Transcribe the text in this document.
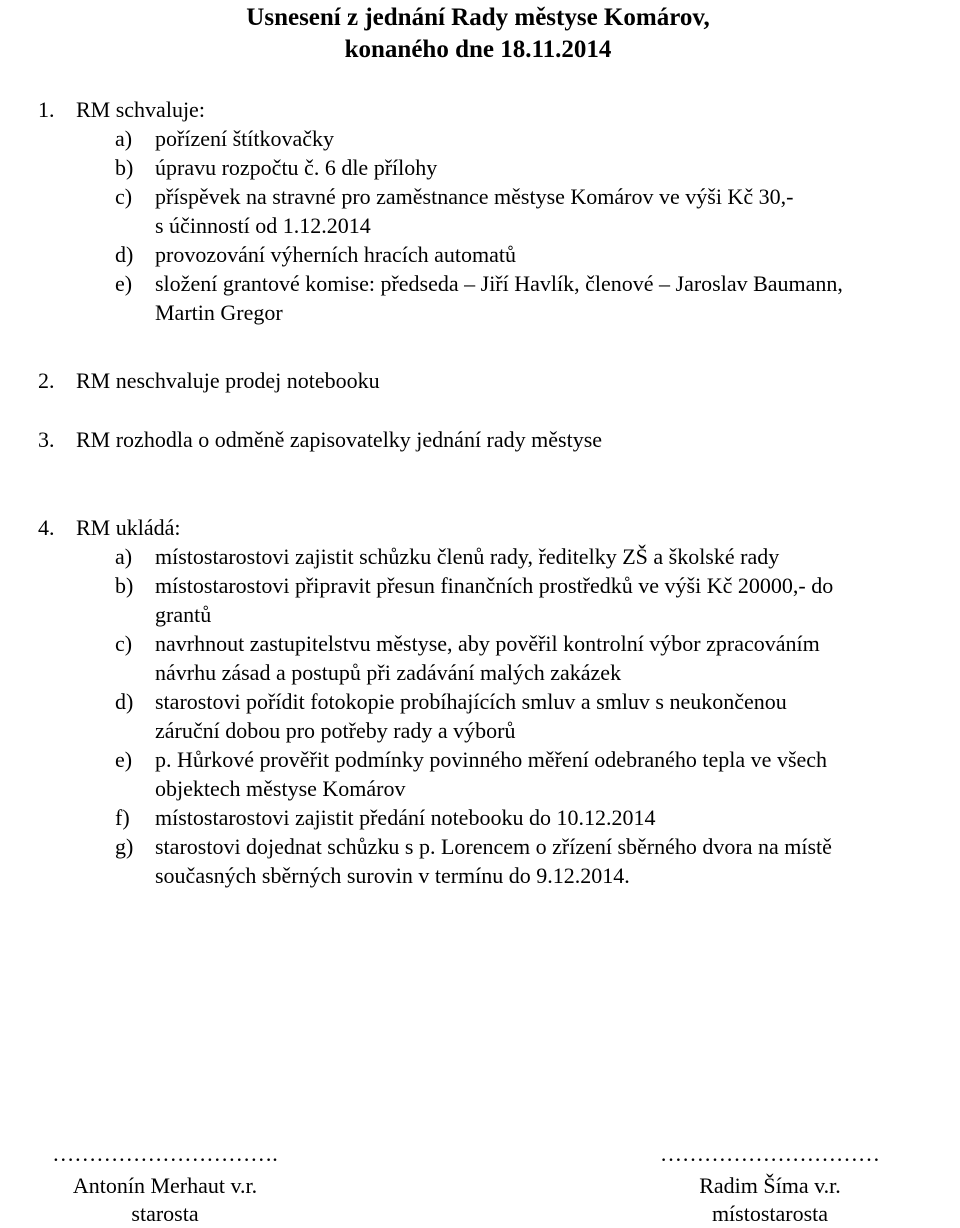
Usnesení z jednání Rady městyse Komárov,
konaného dne 18.11.2014
1. RM schvaluje:
a) pořízení štítkovačky
b) úpravu rozpočtu č. 6 dle přílohy
c) příspěvek na stravné pro zaměstnance městyse Komárov ve výši Kč 30,-
s účinností od 1.12.2014
d) provozování výherních hracích automatů
e) složení grantové komise: předseda – Jiří Havlík, členové – Jaroslav Baumann,
Martin Gregor
2. RM neschvaluje prodej notebooku
3. RM rozhodla o odměně zapisovatelky jednání rady městyse
4. RM ukládá:
a) místostarostovi zajistit schůzku členů rady, ředitelky ZŠ a školské rady
b) místostarostovi připravit přesun finančních prostředků ve výši Kč 20000,- do
grantů
c) navrhnout zastupitelstvu městyse, aby pověřil kontrolní výbor zpracováním
návrhu zásad a postupů při zadávání malých zakázek
d) starostovi pořídit fotokopie probíhajících smluv a smluv s neukončenou
záruční dobou pro potřeby rady a výborů
e) p. Hůrkové prověřit podmínky povinného měření odebraného tepla ve všech
objektech městyse Komárov
f) místostarostovi zajistit předání notebooku do 10.12.2014
g) starostovi dojednat schůzku s p. Lorencem o zřízení sběrného dvora na místě
současných sběrných surovin v termínu do 9.12.2014.
………………………….
Antonín Merhaut v.r.
starosta
…………………………
Radim Šíma v.r.
místostarosta
